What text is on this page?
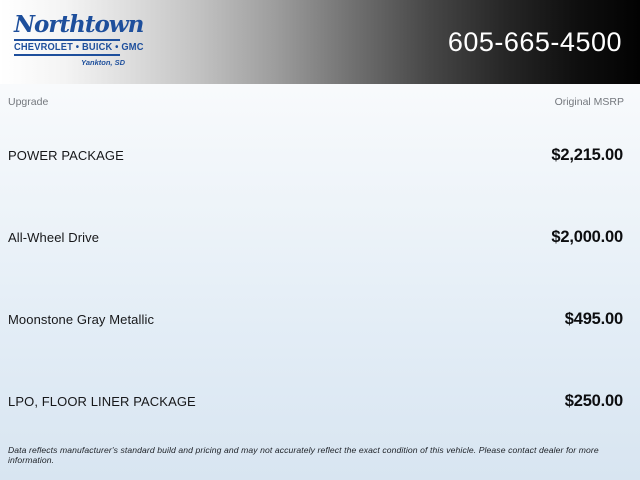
Northtown
CHEVROLET • BUICK • GMC
Yankton, SD
605-665-4500
Upgrade	Original MSRP
POWER PACKAGE	$2,215.00
All-Wheel Drive	$2,000.00
Moonstone Gray Metallic	$495.00
LPO, FLOOR LINER PACKAGE	$250.00
Data reflects manufacturer's standard build and pricing and may not accurately reflect the exact condition of this vehicle. Please contact dealer for more information.
